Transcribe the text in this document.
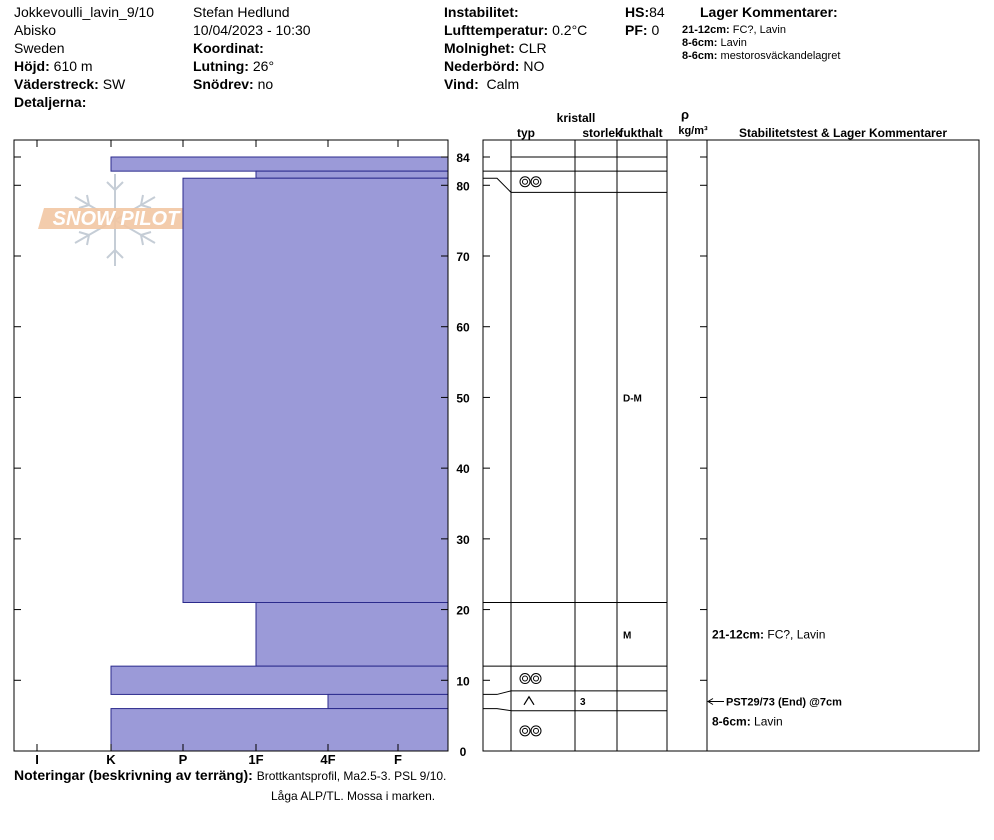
Jokkevoulli_lavin_9/10
Abisko
Sweden
Höjd: 610 m
Väderstreck: SW
Detaljerna:
Stefan Hedlund
10/04/2023 - 10:30
Koordinat:
Lutning: 26°
Snödrev: no
Instabilitet:
Lufttemperatur: 0.2°C
Molnighet: CLR
Nederbörd: NO
Vind: Calm
HS:84
PF: 0
Lager Kommentarer:
21-12cm: FC?, Lavin
8-6cm: Lavin
8-6cm: mestorosväckandelagret
SNOW PILOT
I	K	P	1F	4F	F	0
10
20
30
40
50
60
70
80
84
D-M
M
3
21-12cm: FC?, Lavin
PST29/73 (End) @7cm
8-6cm: Lavin
typ
kristall
storlek
fukthalt
ρ
kg/m³	Stabilitetstest & Lager Kommentarer
Noteringar (beskrivning av terräng): Brottkantsprofil, Ma2.5-3. PSL 9/10.
Låga ALP/TL. Mossa i marken.
